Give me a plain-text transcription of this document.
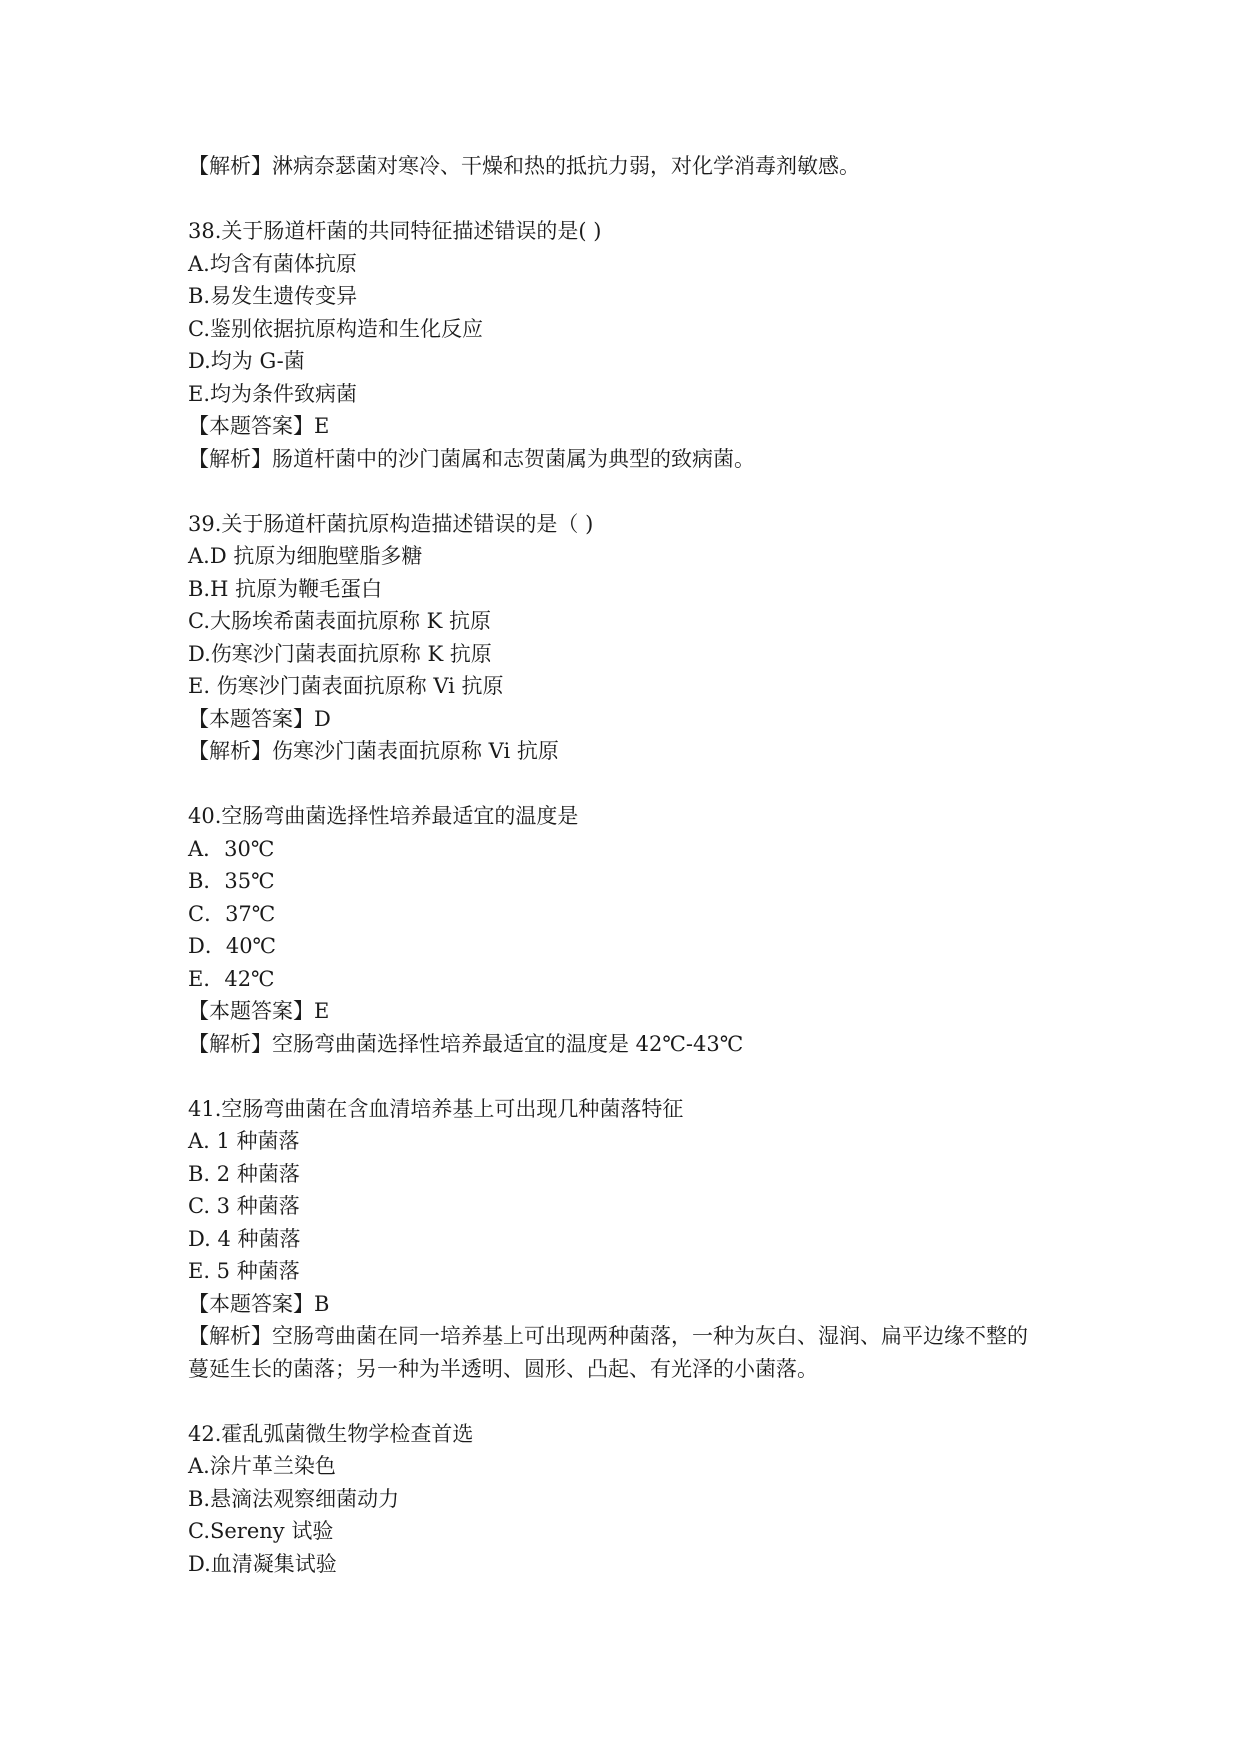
【解析】淋病奈瑟菌对寒冷、干燥和热的抵抗力弱，对化学消毒剂敏感。
38.关于肠道杆菌的共同特征描述错误的是( )
A.均含有菌体抗原
B.易发生遗传变异
C.鉴别依据抗原构造和生化反应
D.均为 G-菌
E.均为条件致病菌
【本题答案】E
【解析】肠道杆菌中的沙门菌属和志贺菌属为典型的致病菌。
39.关于肠道杆菌抗原构造描述错误的是（ )
A.D 抗原为细胞壁脂多糖
B.H 抗原为鞭毛蛋白
C.大肠埃希菌表面抗原称 K 抗原
D.伤寒沙门菌表面抗原称 K 抗原
E. 伤寒沙门菌表面抗原称 Vi 抗原
【本题答案】D
【解析】伤寒沙门菌表面抗原称 Vi 抗原
40.空肠弯曲菌选择性培养最适宜的温度是
A．30℃
B．35℃
C．37℃
D．40℃
E．42℃
【本题答案】E
【解析】空肠弯曲菌选择性培养最适宜的温度是 42℃-43℃
41.空肠弯曲菌在含血清培养基上可出现几种菌落特征
A. 1 种菌落
B. 2 种菌落
C. 3 种菌落
D. 4 种菌落
E. 5 种菌落
【本题答案】B
【解析】空肠弯曲菌在同一培养基上可出现两种菌落，一种为灰白、湿润、扁平边缘不整的
蔓延生长的菌落；另一种为半透明、圆形、凸起、有光泽的小菌落。
42.霍乱弧菌微生物学检查首选
A.涂片革兰染色
B.悬滴法观察细菌动力
C.Sereny 试验
D.血清凝集试验
